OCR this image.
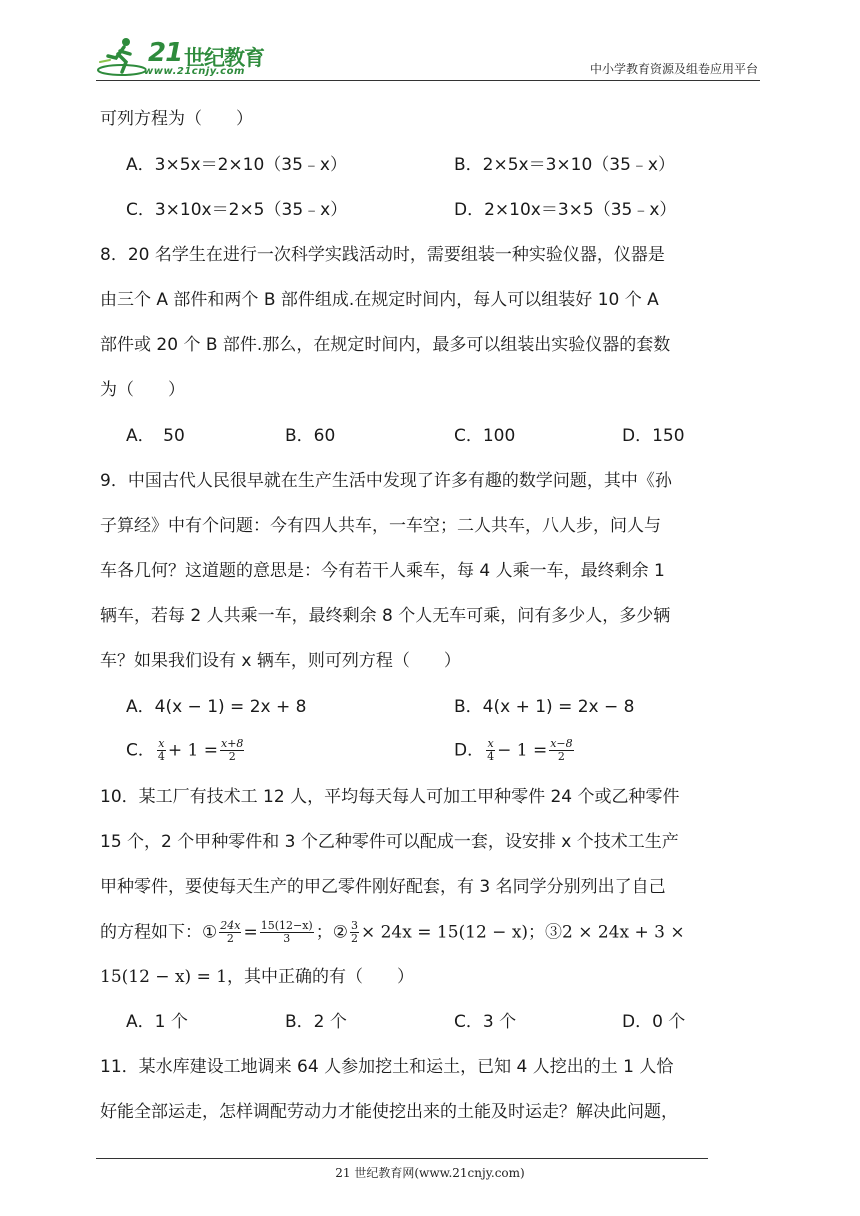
21 世纪教育
www.21cnjy.com	中小学教育资源及组卷应用平台
可列方程为（　　）
A．3×5x＝2×10（35﹣x）	B．2×5x＝3×10（35﹣x）
C．3×10x＝2×5（35﹣x）	D．2×10x＝3×5（35﹣x）
8．20 名学生在进行一次科学实践活动时，需要组装一种实验仪器，仪器是
由三个 A 部件和两个 B 部件组成.在规定时间内，每人可以组装好 10 个 A
部件或 20 个 B 部件.那么，在规定时间内，最多可以组装出实验仪器的套数
为（　　）
A．　50	B．60	C．100	D．150
9．中国古代人民很早就在生产生活中发现了许多有趣的数学问题，其中《孙
子算经》中有个问题：今有四人共车，一车空；二人共车，八人步，问人与
车各几何？这道题的意思是：今有若干人乘车，每 4 人乘一车，最终剩余 1
辆车，若每 2 人共乘一车，最终剩余 8 个人无车可乘，问有多少人，多少辆
车？如果我们设有 x 辆车，则可列方程（　　）
A．4(x − 1) = 2x + 8	B．4(x + 1) = 2x − 8
C． $\frac{x}{4} + 1 = \frac{x+8}{2}$	D． $\frac{x}{4} - 1 = \frac{x-8}{2}$
10．某工厂有技术工 12 人，平均每天每人可加工甲种零件 24 个或乙种零件
15 个，2 个甲种零件和 3 个乙种零件可以配成一套，设安排 x 个技术工生产
甲种零件，要使每天生产的甲乙零件刚好配套，有 3 名同学分别列出了自己
的方程如下：① $\frac{24x}{2} = \frac{15(12-x)}{3}$ ；② $\frac{3}{2} \times 24x = 15(12 - x)$；③2 × 24x + 3 ×
15(12 − x) = 1，其中正确的有（　　）
A．1 个	B．2 个	C．3 个	D．0 个
11．某水库建设工地调来 64 人参加挖土和运土，已知 4 人挖出的土 1 人恰
好能全部运走，怎样调配劳动力才能使挖出来的土能及时运走？解决此问题，
21 世纪教育网(www.21cnjy.com)
